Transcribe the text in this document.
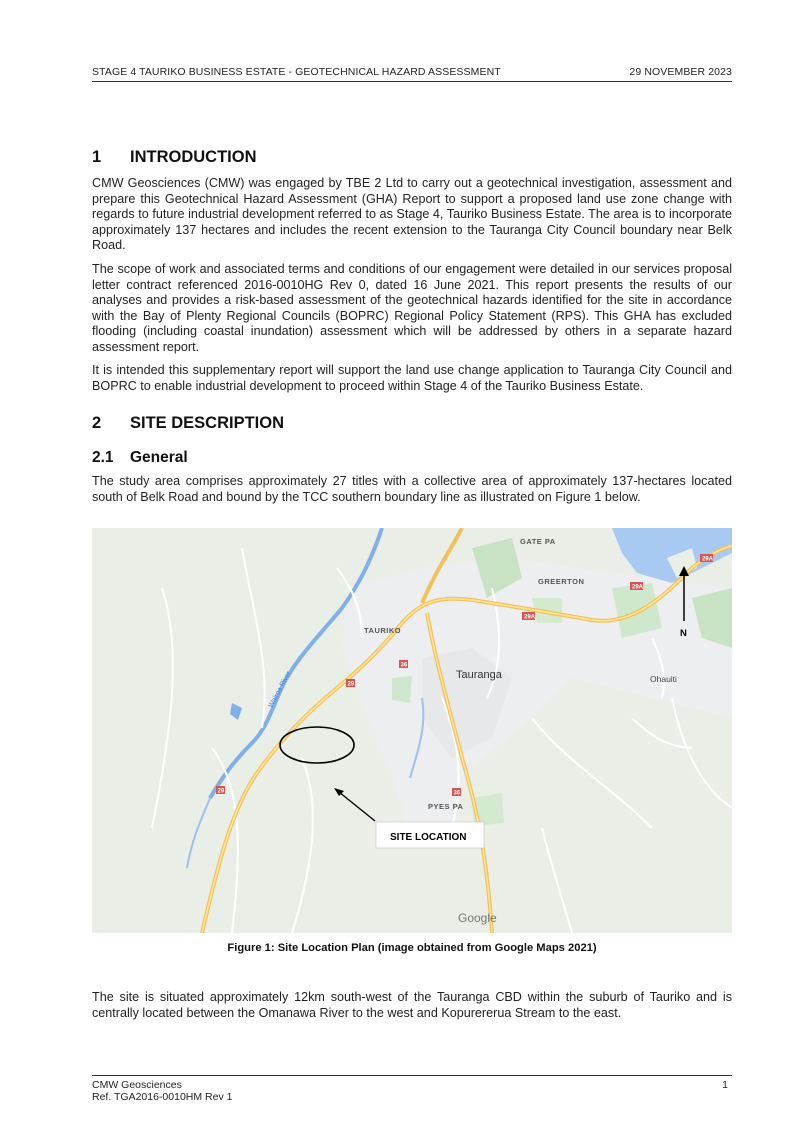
STAGE 4 TAURIKO BUSINESS ESTATE - GEOTECHNICAL HAZARD ASSESSMENT	29 NOVEMBER 2023
1 INTRODUCTION

CMW Geosciences (CMW) was engaged by TBE 2 Ltd to carry out a geotechnical investigation, assessment and prepare this Geotechnical Hazard Assessment (GHA) Report to support a proposed land use zone change with regards to future industrial development referred to as Stage 4, Tauriko Business Estate. The area is to incorporate approximately 137 hectares and includes the recent extension to the Tauranga City Council boundary near Belk Road.

The scope of work and associated terms and conditions of our engagement were detailed in our services proposal letter contract referenced 2016-0010HG Rev 0, dated 16 June 2021. This report presents the results of our analyses and provides a risk-based assessment of the geotechnical hazards identified for the site in accordance with the Bay of Plenty Regional Councils (BOPRC) Regional Policy Statement (RPS). This GHA has excluded flooding (including coastal inundation) assessment which will be addressed by others in a separate hazard assessment report.

It is intended this supplementary report will support the land use change application to Tauranga City Council and BOPRC to enable industrial development to proceed within Stage 4 of the Tauriko Business Estate.

2 SITE DESCRIPTION
2.1 General

The study area comprises approximately 27 titles with a collective area of approximately 137-hectares located south of Belk Road and bound by the TCC southern boundary line as illustrated on Figure 1 below.

29A
29A
29A
36
36
29
29
GATE PA
GREERTON
TAURIKO
Tauranga	Ohauiti
PYES PA
Wairoa River
Google
SITE LOCATION
N
Figure 1: Site Location Plan (image obtained from Google Maps 2021)

The site is situated approximately 12km south-west of the Tauranga CBD within the suburb of Tauriko and is centrally located between the Omanawa River to the west and Kopurererua Stream to the east.

CMW Geosciences
Ref. TGA2016-0010HM Rev 1
1
